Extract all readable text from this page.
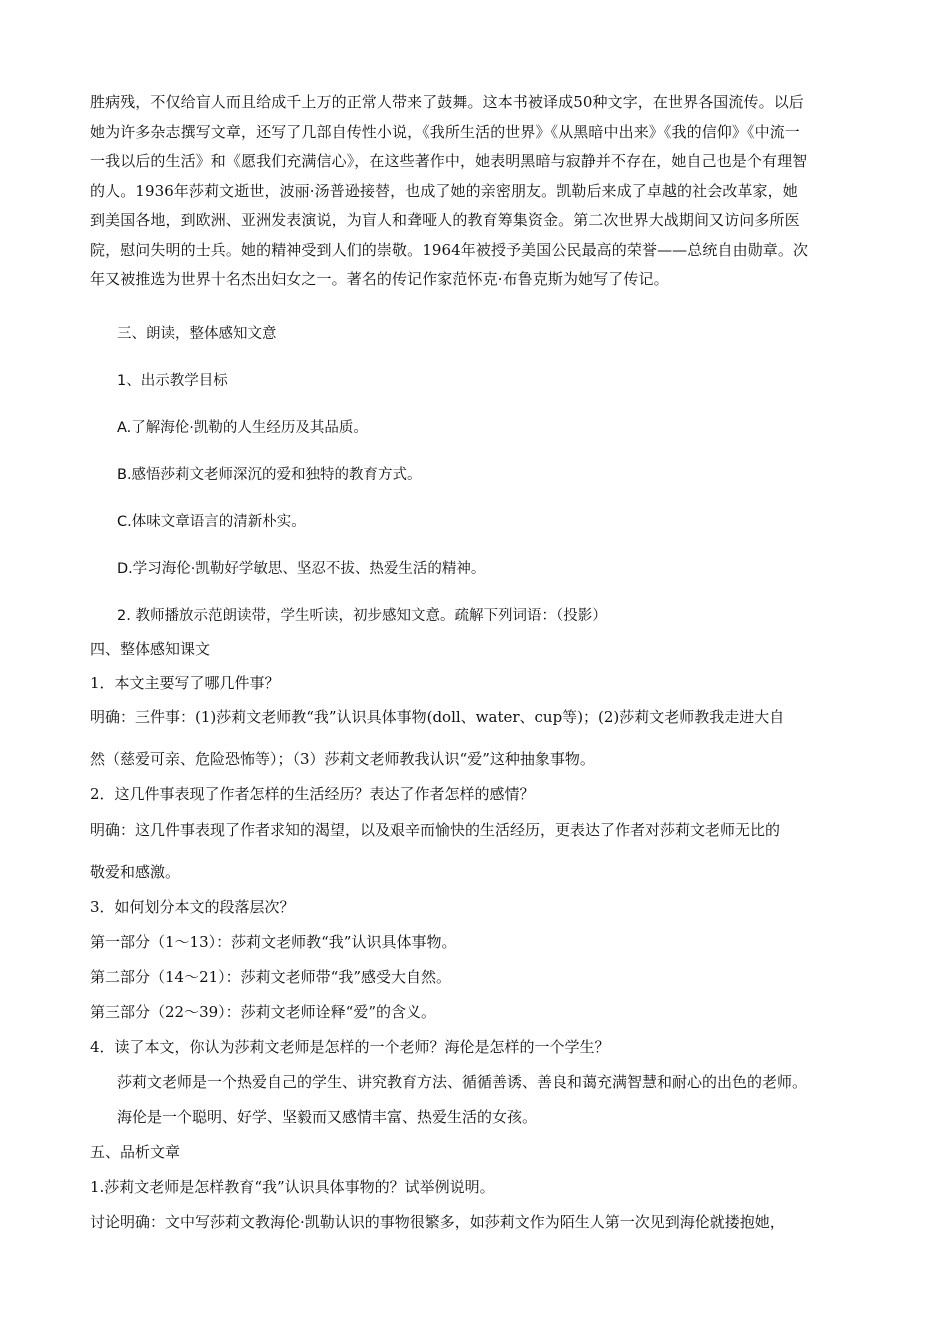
胜病残，不仅给盲人而且给成千上万的正常人带来了鼓舞。这本书被译成50种文字，在世界各国流传。以后
她为许多杂志撰写文章，还写了几部自传性小说，《我所生活的世界》《从黑暗中出来》《我的信仰》《中流一
一我以后的生活》和《愿我们充满信心》，在这些著作中，她表明黑暗与寂静并不存在，她自己也是个有理智
的人。1936年莎莉文逝世，波丽·汤普逊接替，也成了她的亲密朋友。凯勒后来成了卓越的社会改革家，她
到美国各地，到欧洲、亚洲发表演说，为盲人和聋哑人的教育筹集资金。第二次世界大战期间又访问多所医
院，慰问失明的士兵。她的精神受到人们的崇敬。1964年被授予美国公民最高的荣誉——总统自由勋章。次
年又被推选为世界十名杰出妇女之一。著名的传记作家范怀克·布鲁克斯为她写了传记。

三、朗读，整体感知文意
1、出示教学目标
A.了解海伦·凯勒的人生经历及其品质。
B.感悟莎莉文老师深沉的爱和独特的教育方式。
C.体味文章语言的清新朴实。
D.学习海伦·凯勒好学敏思、坚忍不拔、热爱生活的精神。
2. 教师播放示范朗读带，学生听读，初步感知文意。疏解下列词语：（投影）
四、整体感知课文
1．本文主要写了哪几件事？
明确：三件事：(1)莎莉文老师教“我”认识具体事物(doll、water、cup等)；(2)莎莉文老师教我走进大自
然（慈爱可亲、危险恐怖等）；（3）莎莉文老师教我认识“爱”这种抽象事物。
2．这几件事表现了作者怎样的生活经历？表达了作者怎样的感情？
明确：这几件事表现了作者求知的渴望，以及艰辛而愉快的生活经历，更表达了作者对莎莉文老师无比的
敬爱和感激。
3．如何划分本文的段落层次？
第一部分（1～13）：莎莉文老师教“我”认识具体事物。
第二部分（14～21）：莎莉文老师带“我”感受大自然。
第三部分（22～39）：莎莉文老师诠释“爱”的含义。
4．读了本文，你认为莎莉文老师是怎样的一个老师？海伦是怎样的一个学生？
莎莉文老师是一个热爱自己的学生、讲究教育方法、循循善诱、善良和蔼充满智慧和耐心的出色的老师。
海伦是一个聪明、好学、坚毅而又感情丰富、热爱生活的女孩。
五、品析文章
1.莎莉文老师是怎样教育“我”认识具体事物的？试举例说明。
讨论明确：文中写莎莉文教海伦·凯勒认识的事物很繁多，如莎莉文作为陌生人第一次见到海伦就搂抱她，
